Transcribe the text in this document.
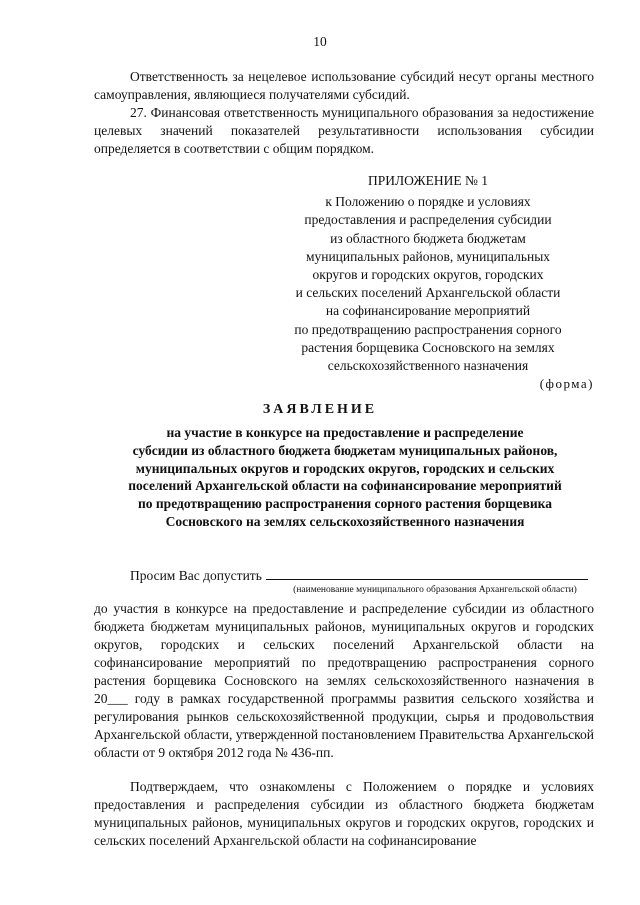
10

Ответственность за нецелевое использование субсидий несут органы местного самоуправления, являющиеся получателями субсидий.

27. Финансовая ответственность муниципального образования за недостижение целевых значений показателей результативности использования субсидии определяется в соответствии с общим порядком.

ПРИЛОЖЕНИЕ № 1

к Положению о порядке и условиях
предоставления и распределения субсидии
из областного бюджета бюджетам
муниципальных районов, муниципальных
округов и городских округов, городских
и сельских поселений Архангельской области
на софинансирование мероприятий
по предотвращению распространения сорного
растения борщевика Сосновского на землях
сельскохозяйственного назначения
(форма)
ЗАЯВЛЕНИЕ
на участие в конкурсе на предоставление и распределение
субсидии из областного бюджета бюджетам муниципальных районов,
муниципальных округов и городских округов, городских и сельских
поселений Архангельской области на софинансирование мероприятий
по предотвращению распространения сорного растения борщевика
Сосновского на землях сельскохозяйственного назначения
Просим Вас допустить
(наименование муниципального образования Архангельской области)

до участия в конкурсе на предоставление и распределение субсидии из областного бюджета бюджетам муниципальных районов, муниципальных округов и городских округов, городских и сельских поселений Архангельской области на софинансирование мероприятий по предотвращению распространения сорного растения борщевика Сосновского на землях сельскохозяйственного назначения в 20___ году в рамках государственной программы развития сельского хозяйства и регулирования рынков сельскохозяйственной продукции, сырья и продовольствия Архангельской области, утвержденной постановлением Правительства Архангельской области от 9 октября 2012 года № 436-пп.

Подтверждаем, что ознакомлены с Положением о порядке и условиях предоставления и распределения субсидии из областного бюджета бюджетам муниципальных районов, муниципальных округов и городских округов, городских и сельских поселений Архангельской области на софинансирование
